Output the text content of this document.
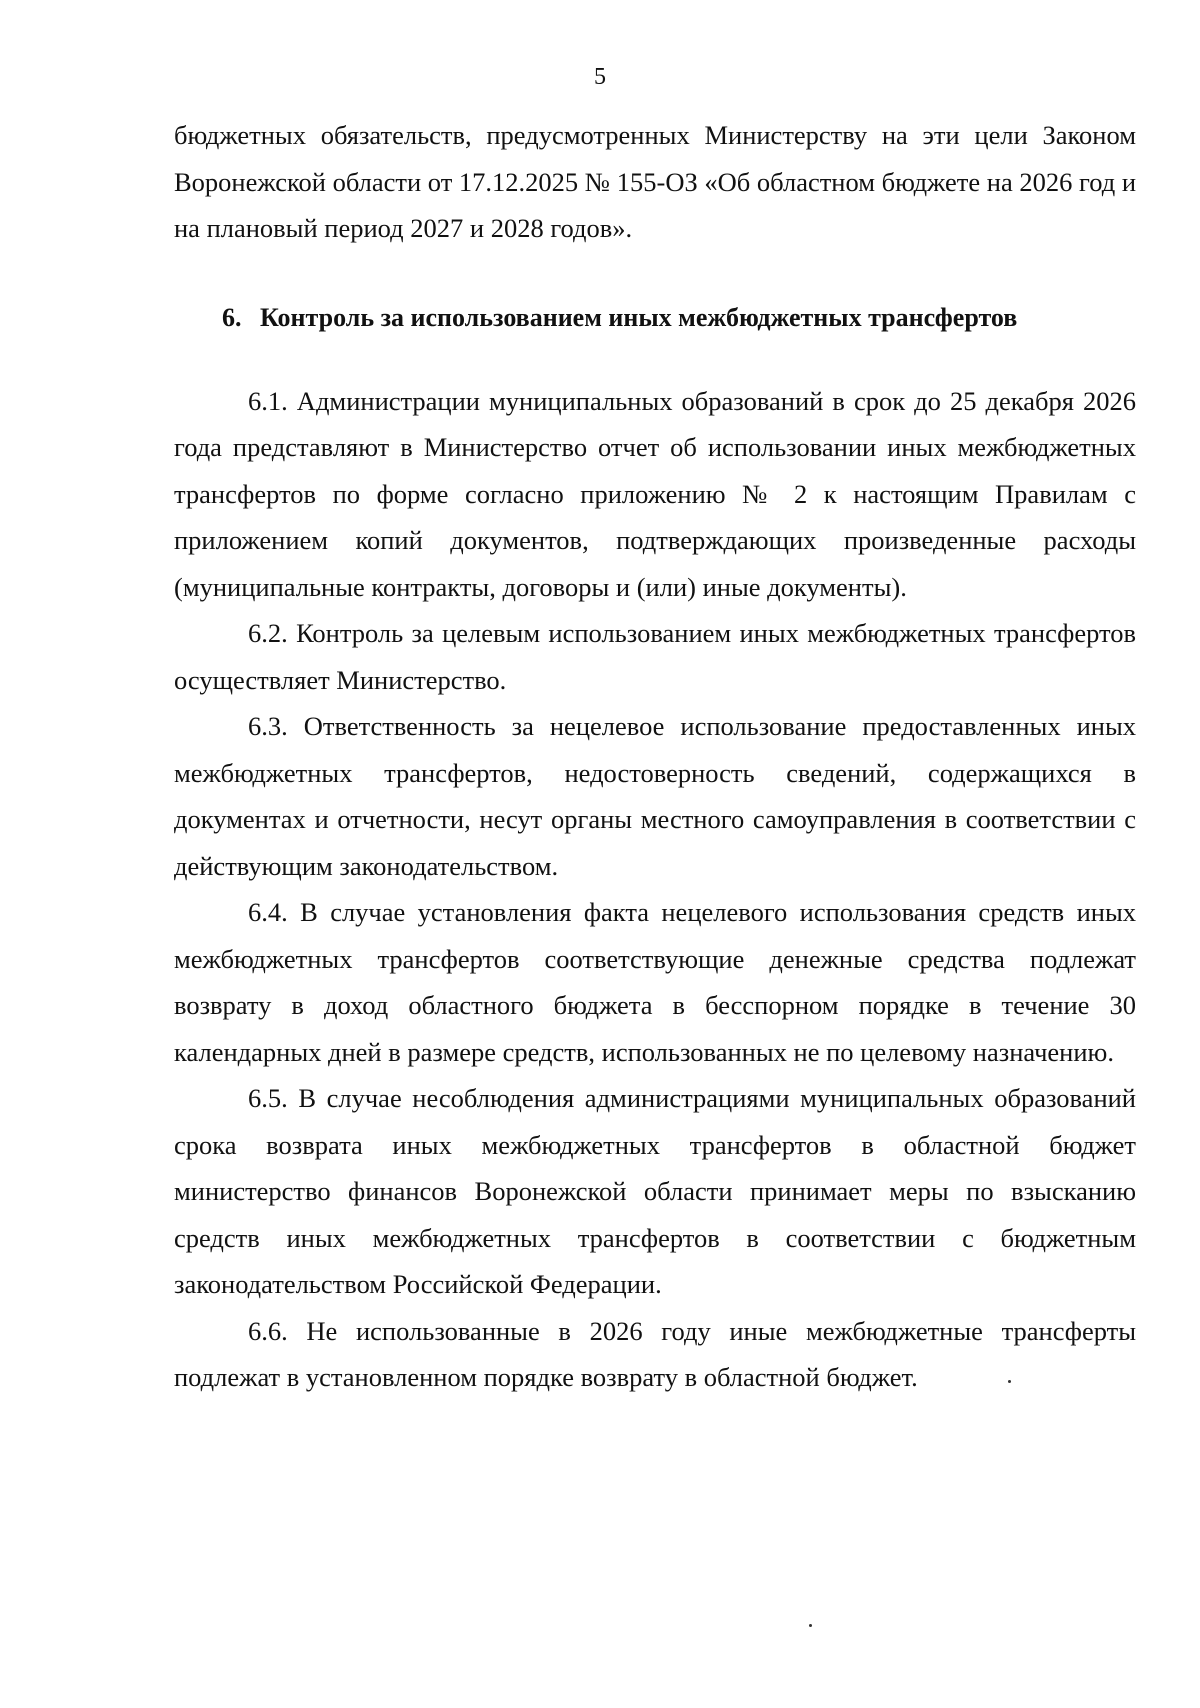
5

бюджетных обязательств, предусмотренных Министерству на эти цели Законом Воронежской области от 17.12.2025 № 155-ОЗ «Об областном бюджете на 2026 год и на плановый период 2027 и 2028 годов».

6. Контроль за использованием иных межбюджетных трансфертов

6.1. Администрации муниципальных образований в срок до 25 декабря 2026 года представляют в Министерство отчет об использовании иных межбюджетных трансфертов по форме согласно приложению № 2 к настоящим Правилам с приложением копий документов, подтверждающих произведенные расходы (муниципальные контракты, договоры и (или) иные документы).

6.2. Контроль за целевым использованием иных межбюджетных трансфертов осуществляет Министерство.

6.3. Ответственность за нецелевое использование предоставленных иных межбюджетных трансфертов, недостоверность сведений, содержащихся в документах и отчетности, несут органы местного самоуправления в соответствии с действующим законодательством.

6.4. В случае установления факта нецелевого использования средств иных межбюджетных трансфертов соответствующие денежные средства подлежат возврату в доход областного бюджета в бесспорном порядке в течение 30 календарных дней в размере средств, использованных не по целевому назначению.

6.5. В случае несоблюдения администрациями муниципальных образований срока возврата иных межбюджетных трансфертов в областной бюджет министерство финансов Воронежской области принимает меры по взысканию средств иных межбюджетных трансфертов в соответствии с бюджетным законодательством Российской Федерации.

6.6. Не использованные в 2026 году иные межбюджетные трансферты подлежат в установленном порядке возврату в областной бюджет.
